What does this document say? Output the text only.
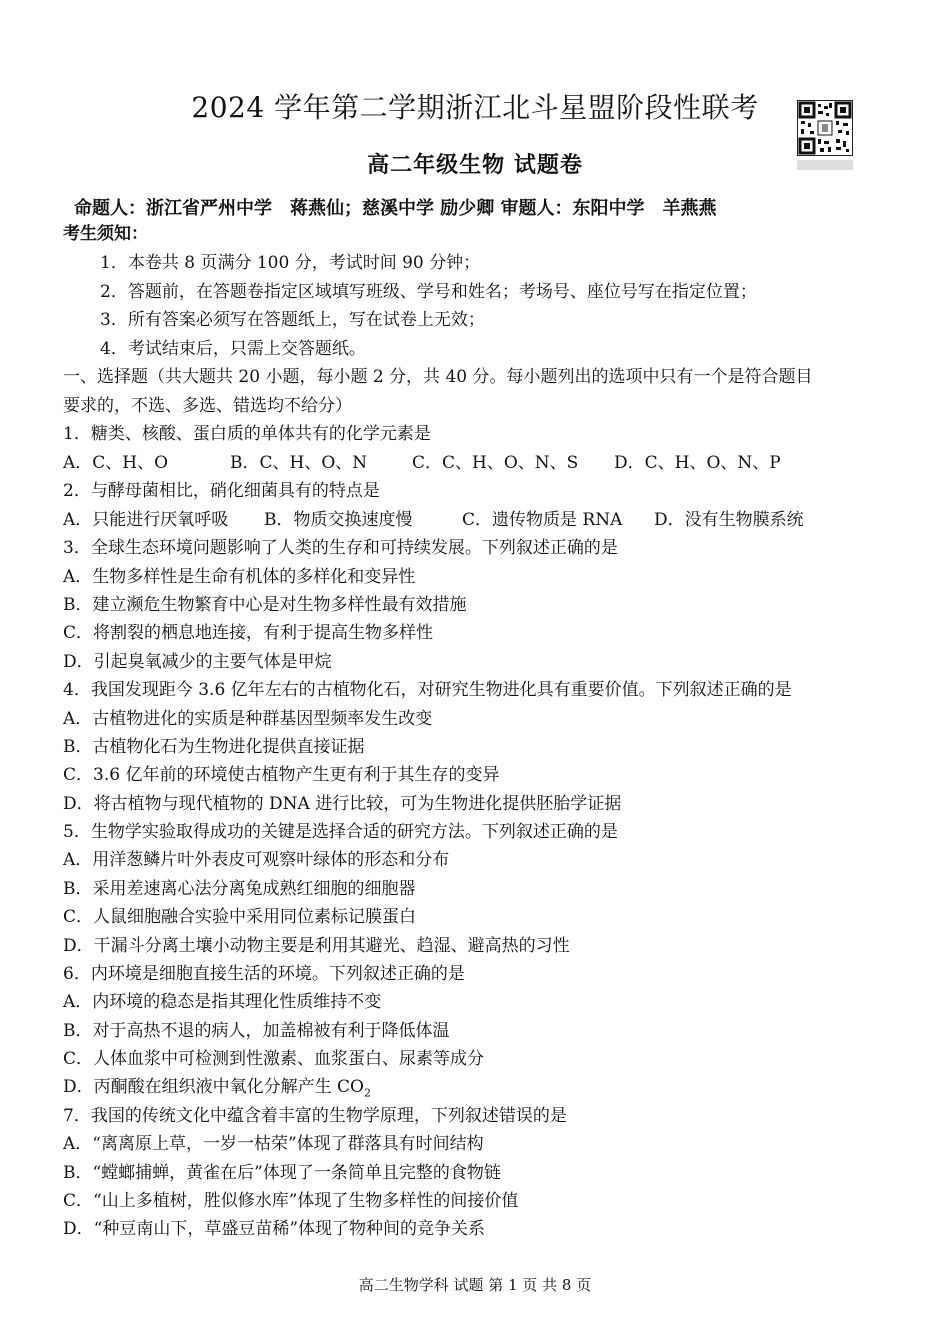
2024 学年第二学期浙江北斗星盟阶段性联考
高二年级生物 试题卷
命题人：浙江省严州中学　蒋燕仙；慈溪中学 励少卿 审题人：东阳中学　羊燕燕
考生须知：
1．本卷共 8 页满分 100 分，考试时间 90 分钟；
2．答题前，在答题卷指定区域填写班级、学号和姓名；考场号、座位号写在指定位置；
3．所有答案必须写在答题纸上，写在试卷上无效；
4．考试结束后，只需上交答题纸。
一、选择题（共大题共 20 小题，每小题 2 分，共 40 分。每小题列出的选项中只有一个是符合题目
要求的，不选、多选、错选均不给分）
1．糖类、核酸、蛋白质的单体共有的化学元素是
A．C、H、O	B．C、H、O、N	C．C、H、O、N、S D．C、H、O、N、P
2．与酵母菌相比，硝化细菌具有的特点是
A．只能进行厌氧呼吸 B．物质交换速度慢	C．遗传物质是 RNA D．没有生物膜系统
3．全球生态环境问题影响了人类的生存和可持续发展。下列叙述正确的是
A．生物多样性是生命有机体的多样化和变异性
B．建立濒危生物繁育中心是对生物多样性最有效措施
C．将割裂的栖息地连接，有利于提高生物多样性
D．引起臭氧减少的主要气体是甲烷
4．我国发现距今 3.6 亿年左右的古植物化石，对研究生物进化具有重要价值。下列叙述正确的是
A．古植物进化的实质是种群基因型频率发生改变
B．古植物化石为生物进化提供直接证据
C．3.6 亿年前的环境使古植物产生更有利于其生存的变异
D．将古植物与现代植物的 DNA 进行比较，可为生物进化提供胚胎学证据
5．生物学实验取得成功的关键是选择合适的研究方法。下列叙述正确的是
A．用洋葱鳞片叶外表皮可观察叶绿体的形态和分布
B．采用差速离心法分离兔成熟红细胞的细胞器
C．人鼠细胞融合实验中采用同位素标记膜蛋白
D．干漏斗分离土壤小动物主要是利用其避光、趋湿、避高热的习性
6．内环境是细胞直接生活的环境。下列叙述正确的是
A．内环境的稳态是指其理化性质维持不变
B．对于高热不退的病人，加盖棉被有利于降低体温
C．人体血浆中可检测到性激素、血浆蛋白、尿素等成分
D．丙酮酸在组织液中氧化分解产生 $CO_2$
7．我国的传统文化中蕴含着丰富的生物学原理，下列叙述错误的是
A．“离离原上草，一岁一枯荣”体现了群落具有时间结构
B．“螳螂捕蝉，黄雀在后”体现了一条简单且完整的食物链
C．“山上多植树，胜似修水库”体现了生物多样性的间接价值
D．“种豆南山下，草盛豆苗稀”体现了物种间的竞争关系
高二生物学科 试题 第 1 页 共 8 页
